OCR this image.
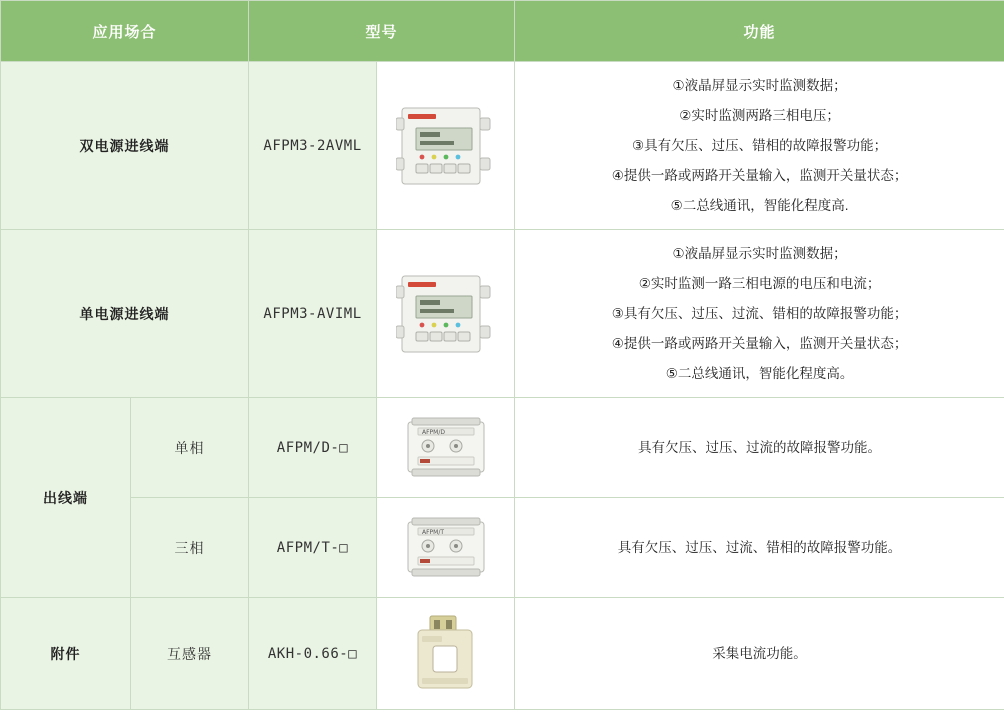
应用场合		型号		功能
双电源进线端		AFPM3-2AVML		①液晶屏显示实时监测数据；
②实时监测两路三相电压；
③具有欠压、过压、错相的故障报警功能；
④提供一路或两路开关量输入，监测开关量状态；
⑤二总线通讯，智能化程度高.

单电源进线端		AFPM3-AVIML		①液晶屏显示实时监测数据；
②实时监测一路三相电源的电压和电流；
③具有欠压、过压、过流、错相的故障报警功能；
④提供一路或两路开关量输入，监测开关量状态；
⑤二总线通讯，智能化程度高。

出线端	单相	AFPM/D-□	AFPM/D	具有欠压、过压、过流的故障报警功能。

	三相	AFPM/T-□	AFPM/T	具有欠压、过压、过流、错相的故障报警功能。

附件	互感器	AKH-0.66-□		采集电流功能。
